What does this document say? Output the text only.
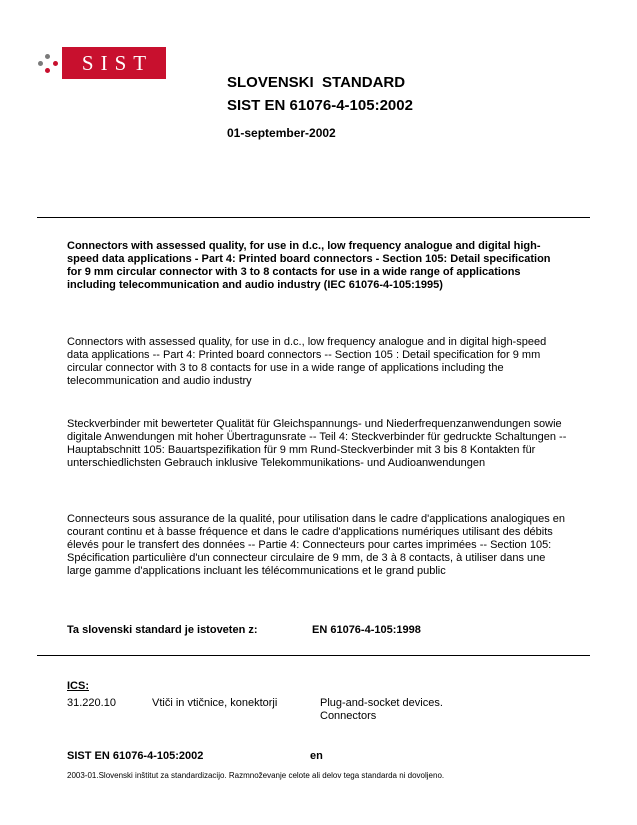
SIST
SLOVENSKI  STANDARD
SIST EN 61076-4-105:2002
01-september-2002
Connectors with assessed quality, for use in d.c., low frequency analogue and digital high-speed data applications - Part 4: Printed board connectors - Section 105: Detail specification for 9 mm circular connector with 3 to 8 contacts for use in a wide range of applications including telecommunication and audio industry (IEC 61076-4-105:1995)
Connectors with assessed quality, for use in d.c., low frequency analogue and in digital high-speed data applications -- Part 4: Printed board connectors -- Section 105 : Detail specification for 9 mm circular connector with 3 to 8 contacts for use in a wide range of applications including the telecommunication and audio industry
Steckverbinder mit bewerteter Qualität für Gleichspannungs- und Niederfrequenzanwendungen sowie digitale Anwendungen mit hoher Übertragunsrate -- Teil 4: Steckverbinder für gedruckte Schaltungen -- Hauptabschnitt 105: Bauartspezifikation für 9 mm Rund-Steckverbinder mit 3 bis 8 Kontakten für unterschiedlichsten Gebrauch inklusive Telekommunikations- und Audioanwendungen
Connecteurs sous assurance de la qualité, pour utilisation dans le cadre d'applications analogiques en courant continu et à basse fréquence et dans le cadre d'applications numériques utilisant des débits élevés pour le transfert des données -- Partie 4: Connecteurs pour cartes imprimées -- Section 105: Spécification particulière d'un connecteur circulaire de 9 mm, de 3 à 8 contacts, à utiliser dans une large gamme d'applications incluant les télécommunications et le grand public
Ta slovenski standard je istoveten z:	EN 61076-4-105:1998
ICS:
31.220.10	Vtiči in vtičnice, konektorji	Plug-and-socket devices. Connectors
SIST EN 61076-4-105:2002	en
2003-01.Slovenski inštitut za standardizacijo. Razmnoževanje celote ali delov tega standarda ni dovoljeno.
